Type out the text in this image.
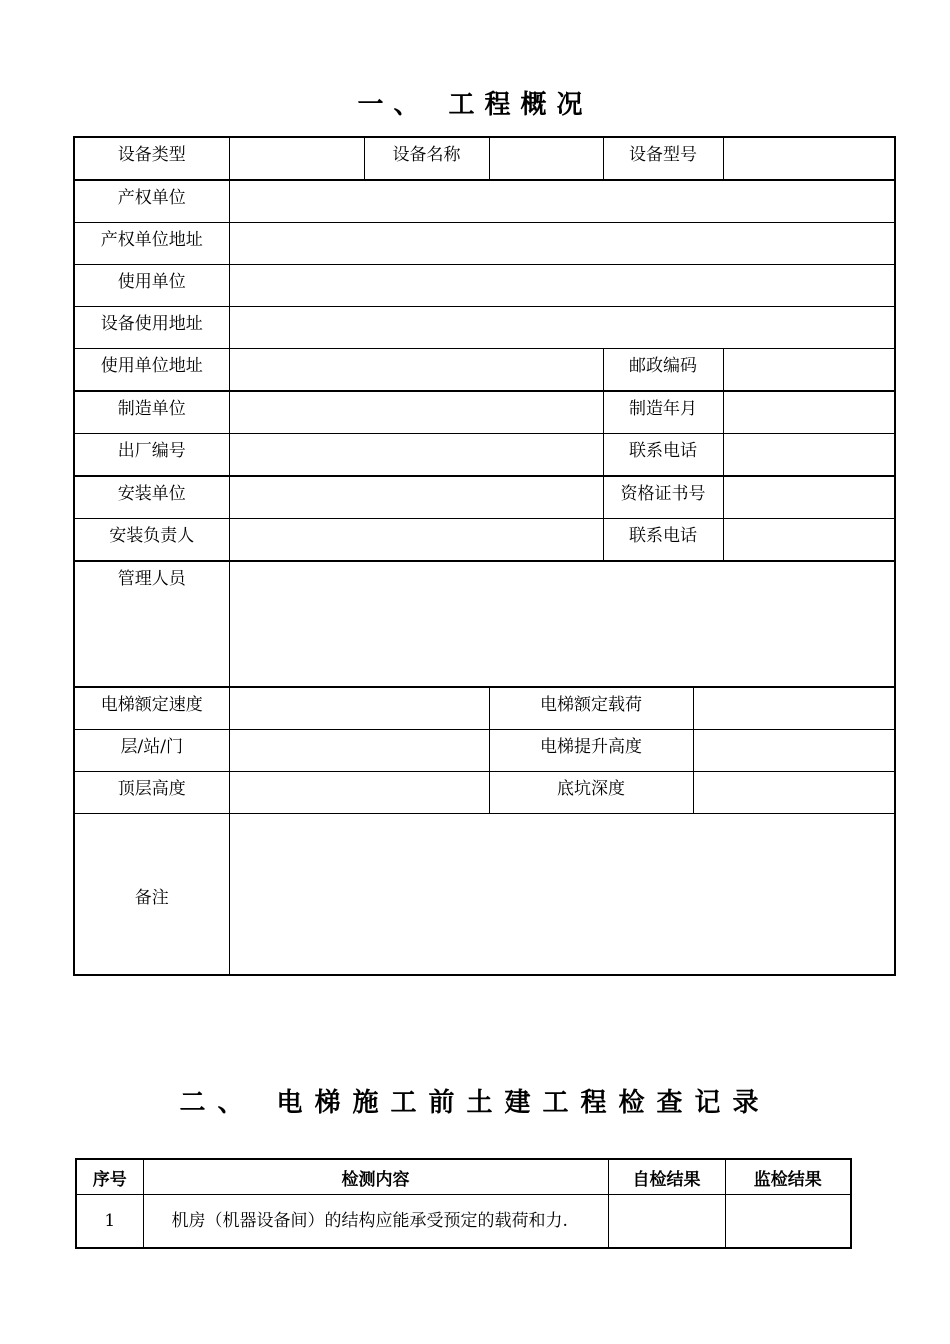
一、 工程概况
设备类型		设备名称		设备型号		
产权单位						
产权单位地址						
使用单位						
设备使用地址						
使用单位地址				邮政编码		
制造单位				制造年月		
出厂编号				联系电话		
安装单位				资格证书号		
安装负责人				联系电话		
管理人员						
电梯额定速度			电梯额定载荷			
层/站/门			电梯提升高度			
顶层高度			底坑深度			
备注						
二、 电梯施工前土建工程检查记录
序号	检测内容	自检结果	监检结果
1	机房（机器设备间）的结构应能承受预定的载荷和力.		
